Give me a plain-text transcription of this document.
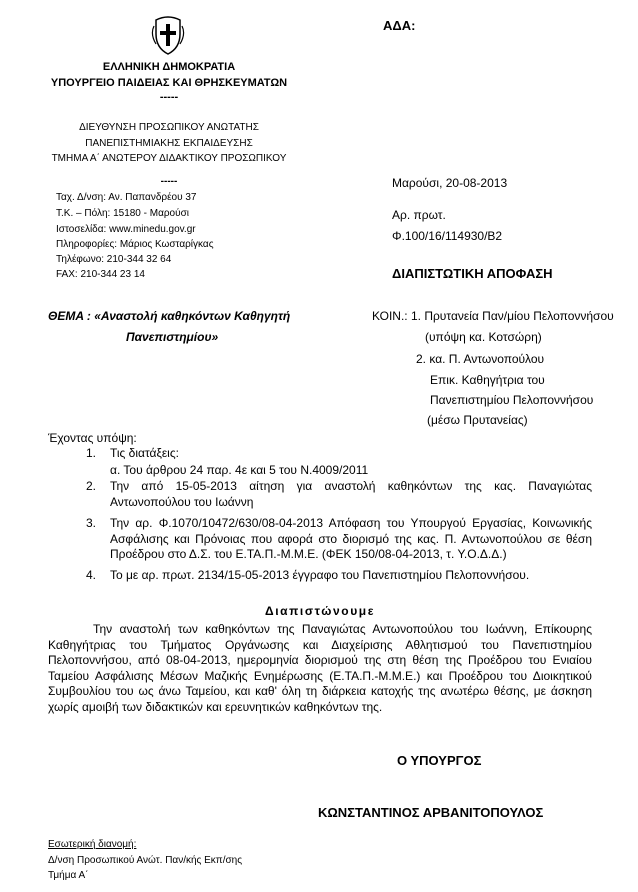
ΑΔΑ:
ΕΛΛΗΝΙΚΗ ΔΗΜΟΚΡΑΤΙΑ
ΥΠΟΥΡΓΕΙΟ ΠΑΙΔΕΙΑΣ ΚΑΙ ΘΡΗΣΚΕΥΜΑΤΩΝ
-----
ΔΙΕΥΘΥΝΣΗ ΠΡΟΣΩΠΙΚΟΥ ΑΝΩΤΑΤΗΣ
ΠΑΝΕΠΙΣΤΗΜΙΑΚΗΣ ΕΚΠΑΙΔΕΥΣΗΣ
ΤΜΗΜΑ Α΄ ΑΝΩΤΕΡΟΥ ΔΙΔΑΚΤΙΚΟΥ ΠΡΟΣΩΠΙΚΟΥ
-----
Ταχ. Δ/νση: Αν. Παπανδρέου 37
Τ.Κ. – Πόλη: 15180 - Μαρούσι
Ιστοσελίδα: www.minedu.gov.gr
Πληροφορίες: Μάριος Κωσταρίγκας
Τηλέφωνο: 210-344 32 64
FAX: 210-344 23 14
Μαρούσι, 20-08-2013
Αρ. πρωτ.
Φ.100/16/114930/Β2
ΔΙΑΠΙΣΤΩΤΙΚΗ ΑΠΟΦΑΣΗ
ΘΕΜΑ : «Αναστολή καθηκόντων Καθηγητή
Πανεπιστημίου»
ΚΟΙΝ.: 1. Πρυτανεία Παν/μίου Πελοποννήσου
(υπόψη κα. Κοτσώρη)
2. κα. Π. Αντωνοπούλου
Επικ. Καθηγήτρια του
Πανεπιστημίου Πελοποννήσου
(μέσω Πρυτανείας)
Έχοντας υπόψη:
1. Τις διατάξεις:
α. Του άρθρου 24 παρ. 4ε και 5 του Ν.4009/2011
2. Την από 15-05-2013 αίτηση για αναστολή καθηκόντων της κας. Παναγιώτας Αντωνοπούλου του Ιωάννη
3. Την αρ. Φ.1070/10472/630/08-04-2013 Απόφαση του Υπουργού Εργασίας, Κοινωνικής Ασφάλισης και Πρόνοιας που αφορά στο διορισμό της κας. Π. Αντωνοπούλου σε θέση Προέδρου στο Δ.Σ. του Ε.ΤΑ.Π.-Μ.Μ.Ε. (ΦΕΚ 150/08-04-2013, τ. Υ.Ο.Δ.Δ.)
4. Το με αρ. πρωτ. 2134/15-05-2013 έγγραφο του Πανεπιστημίου Πελοποννήσου.
Διαπιστώνουμε
Την αναστολή των καθηκόντων της Παναγιώτας Αντωνοπούλου του Ιωάννη, Επίκουρης Καθηγήτριας του Τμήματος Οργάνωσης και Διαχείρισης Αθλητισμού του Πανεπιστημίου Πελοποννήσου, από 08-04-2013, ημερομηνία διορισμού της στη θέση της Προέδρου του Ενιαίου Ταμείου Ασφάλισης Μέσων Μαζικής Ενημέρωσης (Ε.ΤΑ.Π.-Μ.Μ.Ε.) και Προέδρου του Διοικητικού Συμβουλίου του ως άνω Ταμείου, και καθ' όλη τη διάρκεια κατοχής της ανωτέρω θέσης, με άσκηση χωρίς αμοιβή των διδακτικών και ερευνητικών καθηκόντων της.
Ο ΥΠΟΥΡΓΟΣ
ΚΩΝΣΤΑΝΤΙΝΟΣ ΑΡΒΑΝΙΤΟΠΟΥΛΟΣ
Εσωτερική διανομή:
Δ/νση Προσωπικού Ανώτ. Παν/κής Εκπ/σης
Τμήμα Α΄
